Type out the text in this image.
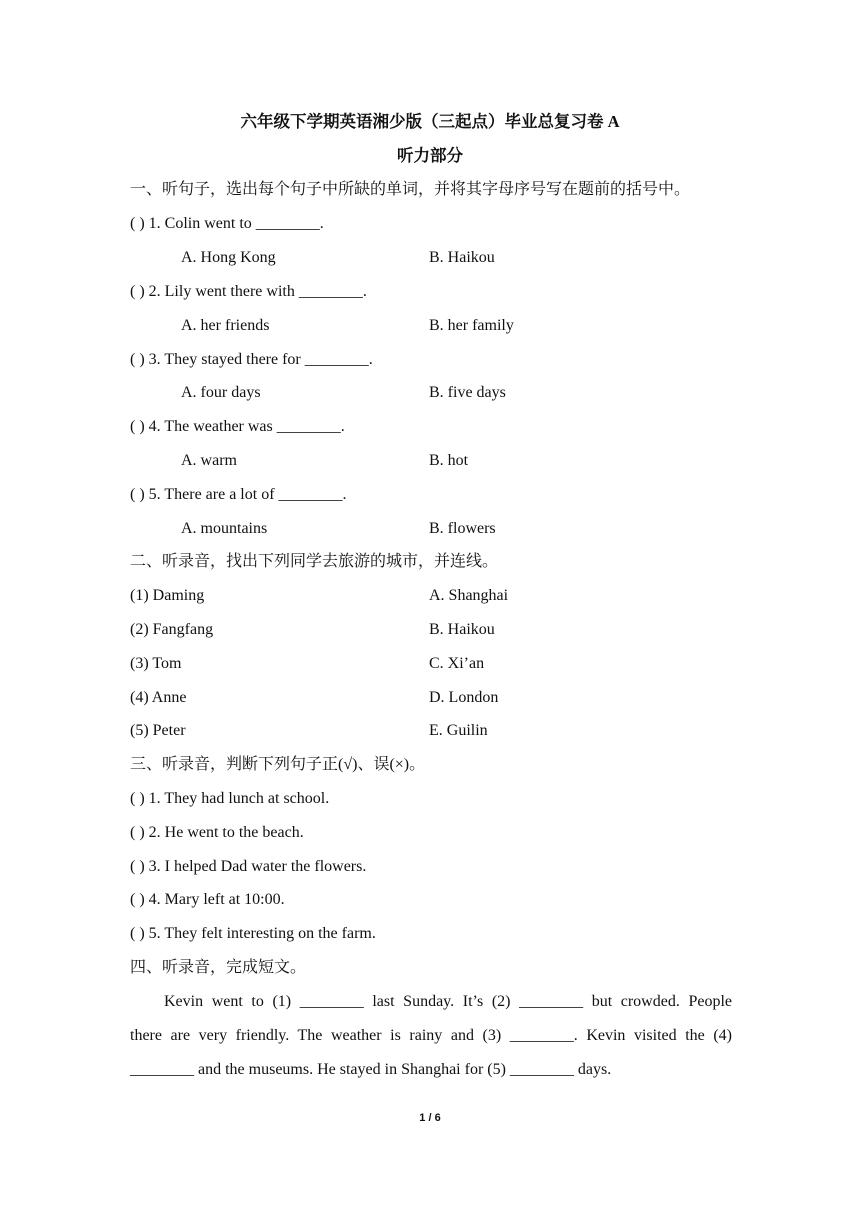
六年级下学期英语湘少版（三起点）毕业总复习卷 A
听力部分
一、听句子，选出每个句子中所缺的单词，并将其字母序号写在题前的括号中。
( ) 1. Colin went to ________.
A. Hong Kong	B. Haikou
( ) 2. Lily went there with ________.
A. her friends	B. her family
( ) 3. They stayed there for ________.
A. four days	B. five days
( ) 4. The weather was ________.
A. warm	B. hot
( ) 5. There are a lot of ________.
A. mountains	B. flowers
二、听录音，找出下列同学去旅游的城市，并连线。
(1) Daming	A. Shanghai
(2) Fangfang	B. Haikou
(3) Tom	C. Xi’an
(4) Anne	D. London
(5) Peter	E. Guilin
三、听录音，判断下列句子正(√)、误(×)。
( ) 1. They had lunch at school.
( ) 2. He went to the beach.
( ) 3. I helped Dad water the flowers.
( ) 4. Mary left at 10:00.
( ) 5. They felt interesting on the farm.
四、听录音，完成短文。
Kevin went to (1) ________ last Sunday. It’s (2) ________ but crowded. People
there are very friendly. The weather is rainy and (3) ________. Kevin visited the (4)
________ and the museums. He stayed in Shanghai for (5) ________ days.
1 / 6
